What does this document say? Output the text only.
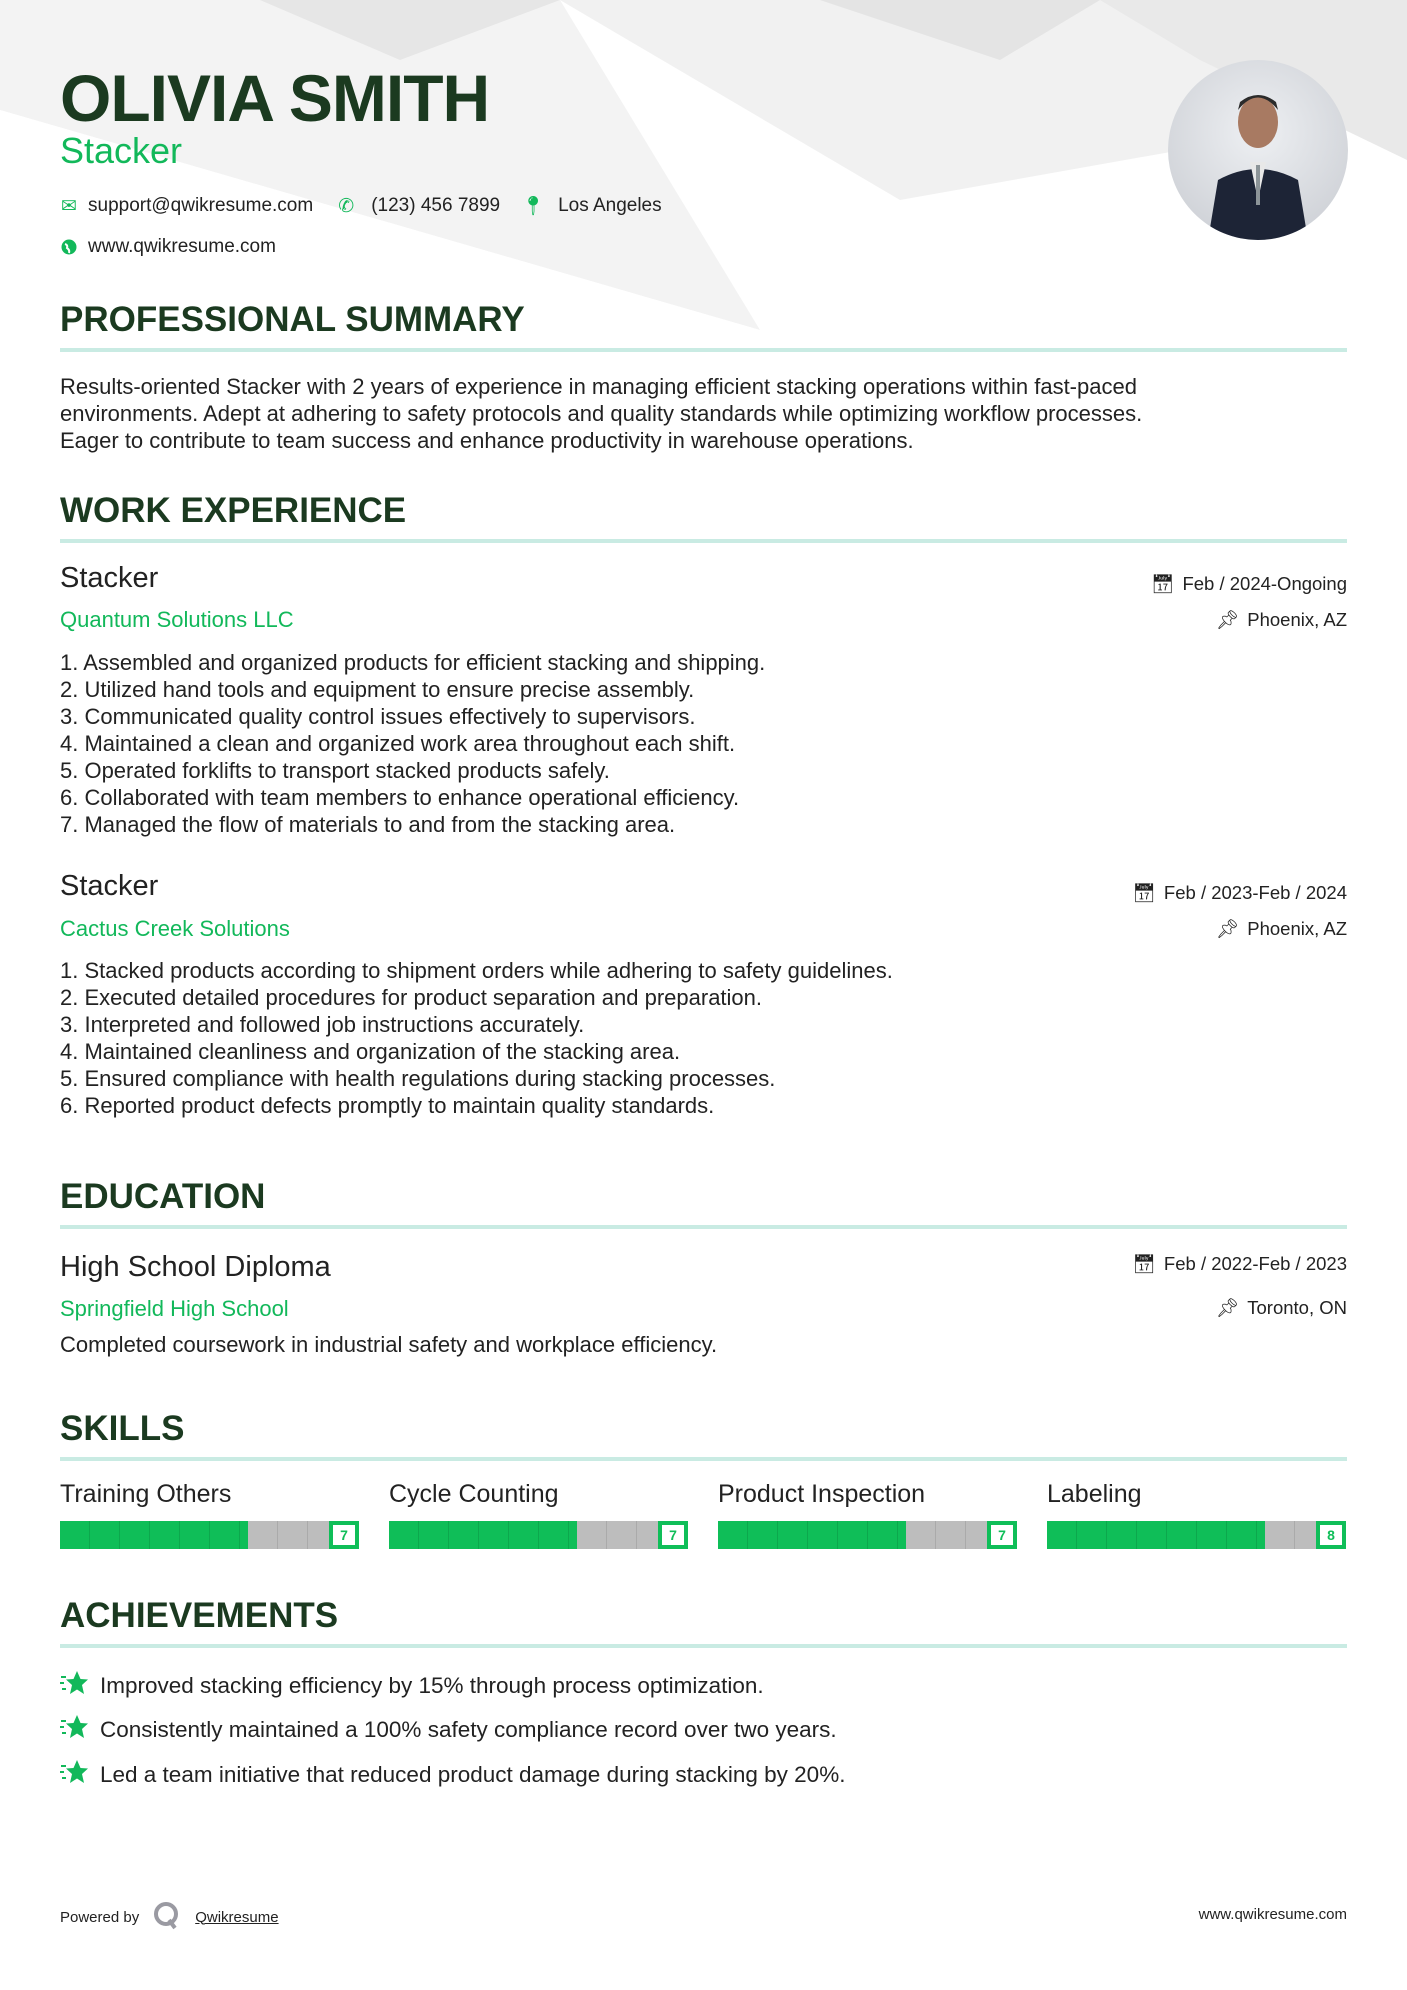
OLIVIA SMITH
Stacker
✉ support@qwikresume.com ✆ (123) 456 7899 📍︎ Los Angeles
www.qwikresume.com
PROFESSIONAL SUMMARY
Results-oriented Stacker with 2 years of experience in managing efficient stacking operations within fast-paced
environments. Adept at adhering to safety protocols and quality standards while optimizing workflow processes.
Eager to contribute to team success and enhance productivity in warehouse operations.
WORK EXPERIENCE
Stacker	📅︎ Feb / 2024-Ongoing
Quantum Solutions LLC	📌︎ Phoenix, AZ
1. Assembled and organized products for efficient stacking and shipping.
2. Utilized hand tools and equipment to ensure precise assembly.
3. Communicated quality control issues effectively to supervisors.
4. Maintained a clean and organized work area throughout each shift.
5. Operated forklifts to transport stacked products safely.
6. Collaborated with team members to enhance operational efficiency.
7. Managed the flow of materials to and from the stacking area.
Stacker	📅︎ Feb / 2023-Feb / 2024
Cactus Creek Solutions	📌︎ Phoenix, AZ
1. Stacked products according to shipment orders while adhering to safety guidelines.
2. Executed detailed procedures for product separation and preparation.
3. Interpreted and followed job instructions accurately.
4. Maintained cleanliness and organization of the stacking area.
5. Ensured compliance with health regulations during stacking processes.
6. Reported product defects promptly to maintain quality standards.
EDUCATION
High School Diploma	📅︎ Feb / 2022-Feb / 2023
Springfield High School	📌︎ Toronto, ON
Completed coursework in industrial safety and workplace efficiency.
SKILLS
Training Others
7
Cycle Counting
7
Product Inspection
7
Labeling
8
ACHIEVEMENTS
Improved stacking efficiency by 15% through process optimization.
Consistently maintained a 100% safety compliance record over two years.
Led a team initiative that reduced product damage during stacking by 20%.
Powered by	Qwikresume	www.qwikresume.com
